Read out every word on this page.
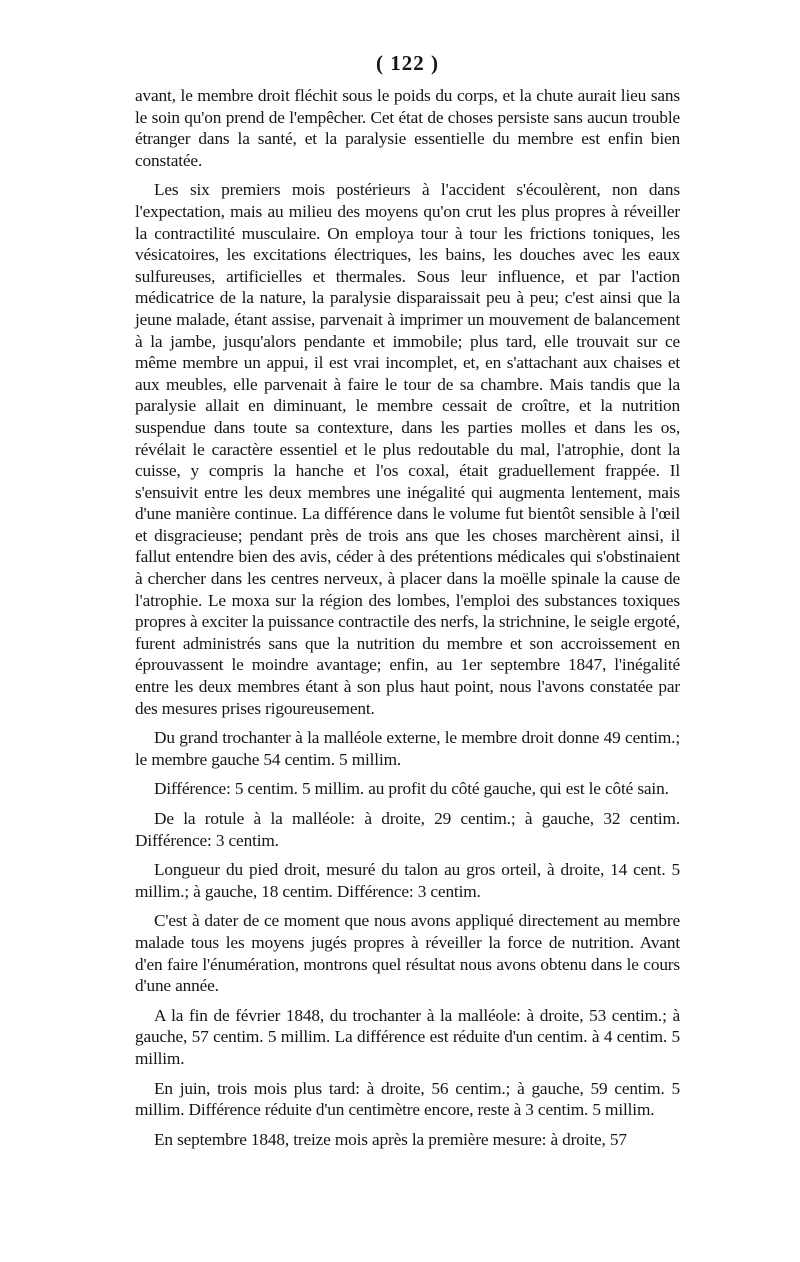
( 122 )

avant, le membre droit fléchit sous le poids du corps, et la chute aurait lieu sans le soin qu'on prend de l'empêcher. Cet état de choses persiste sans aucun trouble étranger dans la santé, et la paralysie essentielle du membre est enfin bien constatée.

Les six premiers mois postérieurs à l'accident s'écoulèrent, non dans l'expectation, mais au milieu des moyens qu'on crut les plus propres à réveiller la contractilité musculaire. On employa tour à tour les frictions toniques, les vésicatoires, les excitations électriques, les bains, les douches avec les eaux sulfureuses, artificielles et thermales. Sous leur influence, et par l'action médicatrice de la nature, la paralysie disparaissait peu à peu; c'est ainsi que la jeune malade, étant assise, parvenait à imprimer un mouvement de balancement à la jambe, jusqu'alors pendante et immobile; plus tard, elle trouvait sur ce même membre un appui, il est vrai incomplet, et, en s'attachant aux chaises et aux meubles, elle parvenait à faire le tour de sa chambre. Mais tandis que la paralysie allait en diminuant, le membre cessait de croître, et la nutrition suspendue dans toute sa contexture, dans les parties molles et dans les os, révélait le caractère essentiel et le plus redoutable du mal, l'atrophie, dont la cuisse, y compris la hanche et l'os coxal, était graduellement frappée. Il s'ensuivit entre les deux membres une inégalité qui augmenta lentement, mais d'une manière continue. La différence dans le volume fut bientôt sensible à l'œil et disgracieuse; pendant près de trois ans que les choses marchèrent ainsi, il fallut entendre bien des avis, céder à des prétentions médicales qui s'obstinaient à chercher dans les centres nerveux, à placer dans la moëlle spinale la cause de l'atrophie. Le moxa sur la région des lombes, l'emploi des substances toxiques propres à exciter la puissance contractile des nerfs, la strichnine, le seigle ergoté, furent administrés sans que la nutrition du membre et son accroissement en éprouvassent le moindre avantage; enfin, au 1er septembre 1847, l'inégalité entre les deux membres étant à son plus haut point, nous l'avons constatée par des mesures prises rigoureusement.

Du grand trochanter à la malléole externe, le membre droit donne 49 centim.; le membre gauche 54 centim. 5 millim.

Différence: 5 centim. 5 millim. au profit du côté gauche, qui est le côté sain.

De la rotule à la malléole: à droite, 29 centim.; à gauche, 32 centim. Différence: 3 centim.

Longueur du pied droit, mesuré du talon au gros orteil, à droite, 14 cent. 5 millim.; à gauche, 18 centim. Différence: 3 centim.

C'est à dater de ce moment que nous avons appliqué directement au membre malade tous les moyens jugés propres à réveiller la force de nutrition. Avant d'en faire l'énumération, montrons quel résultat nous avons obtenu dans le cours d'une année.

A la fin de février 1848, du trochanter à la malléole: à droite, 53 centim.; à gauche, 57 centim. 5 millim. La différence est réduite d'un centim. à 4 centim. 5 millim.

En juin, trois mois plus tard: à droite, 56 centim.; à gauche, 59 centim. 5 millim. Différence réduite d'un centimètre encore, reste à 3 centim. 5 millim.

En septembre 1848, treize mois après la première mesure: à droite, 57
